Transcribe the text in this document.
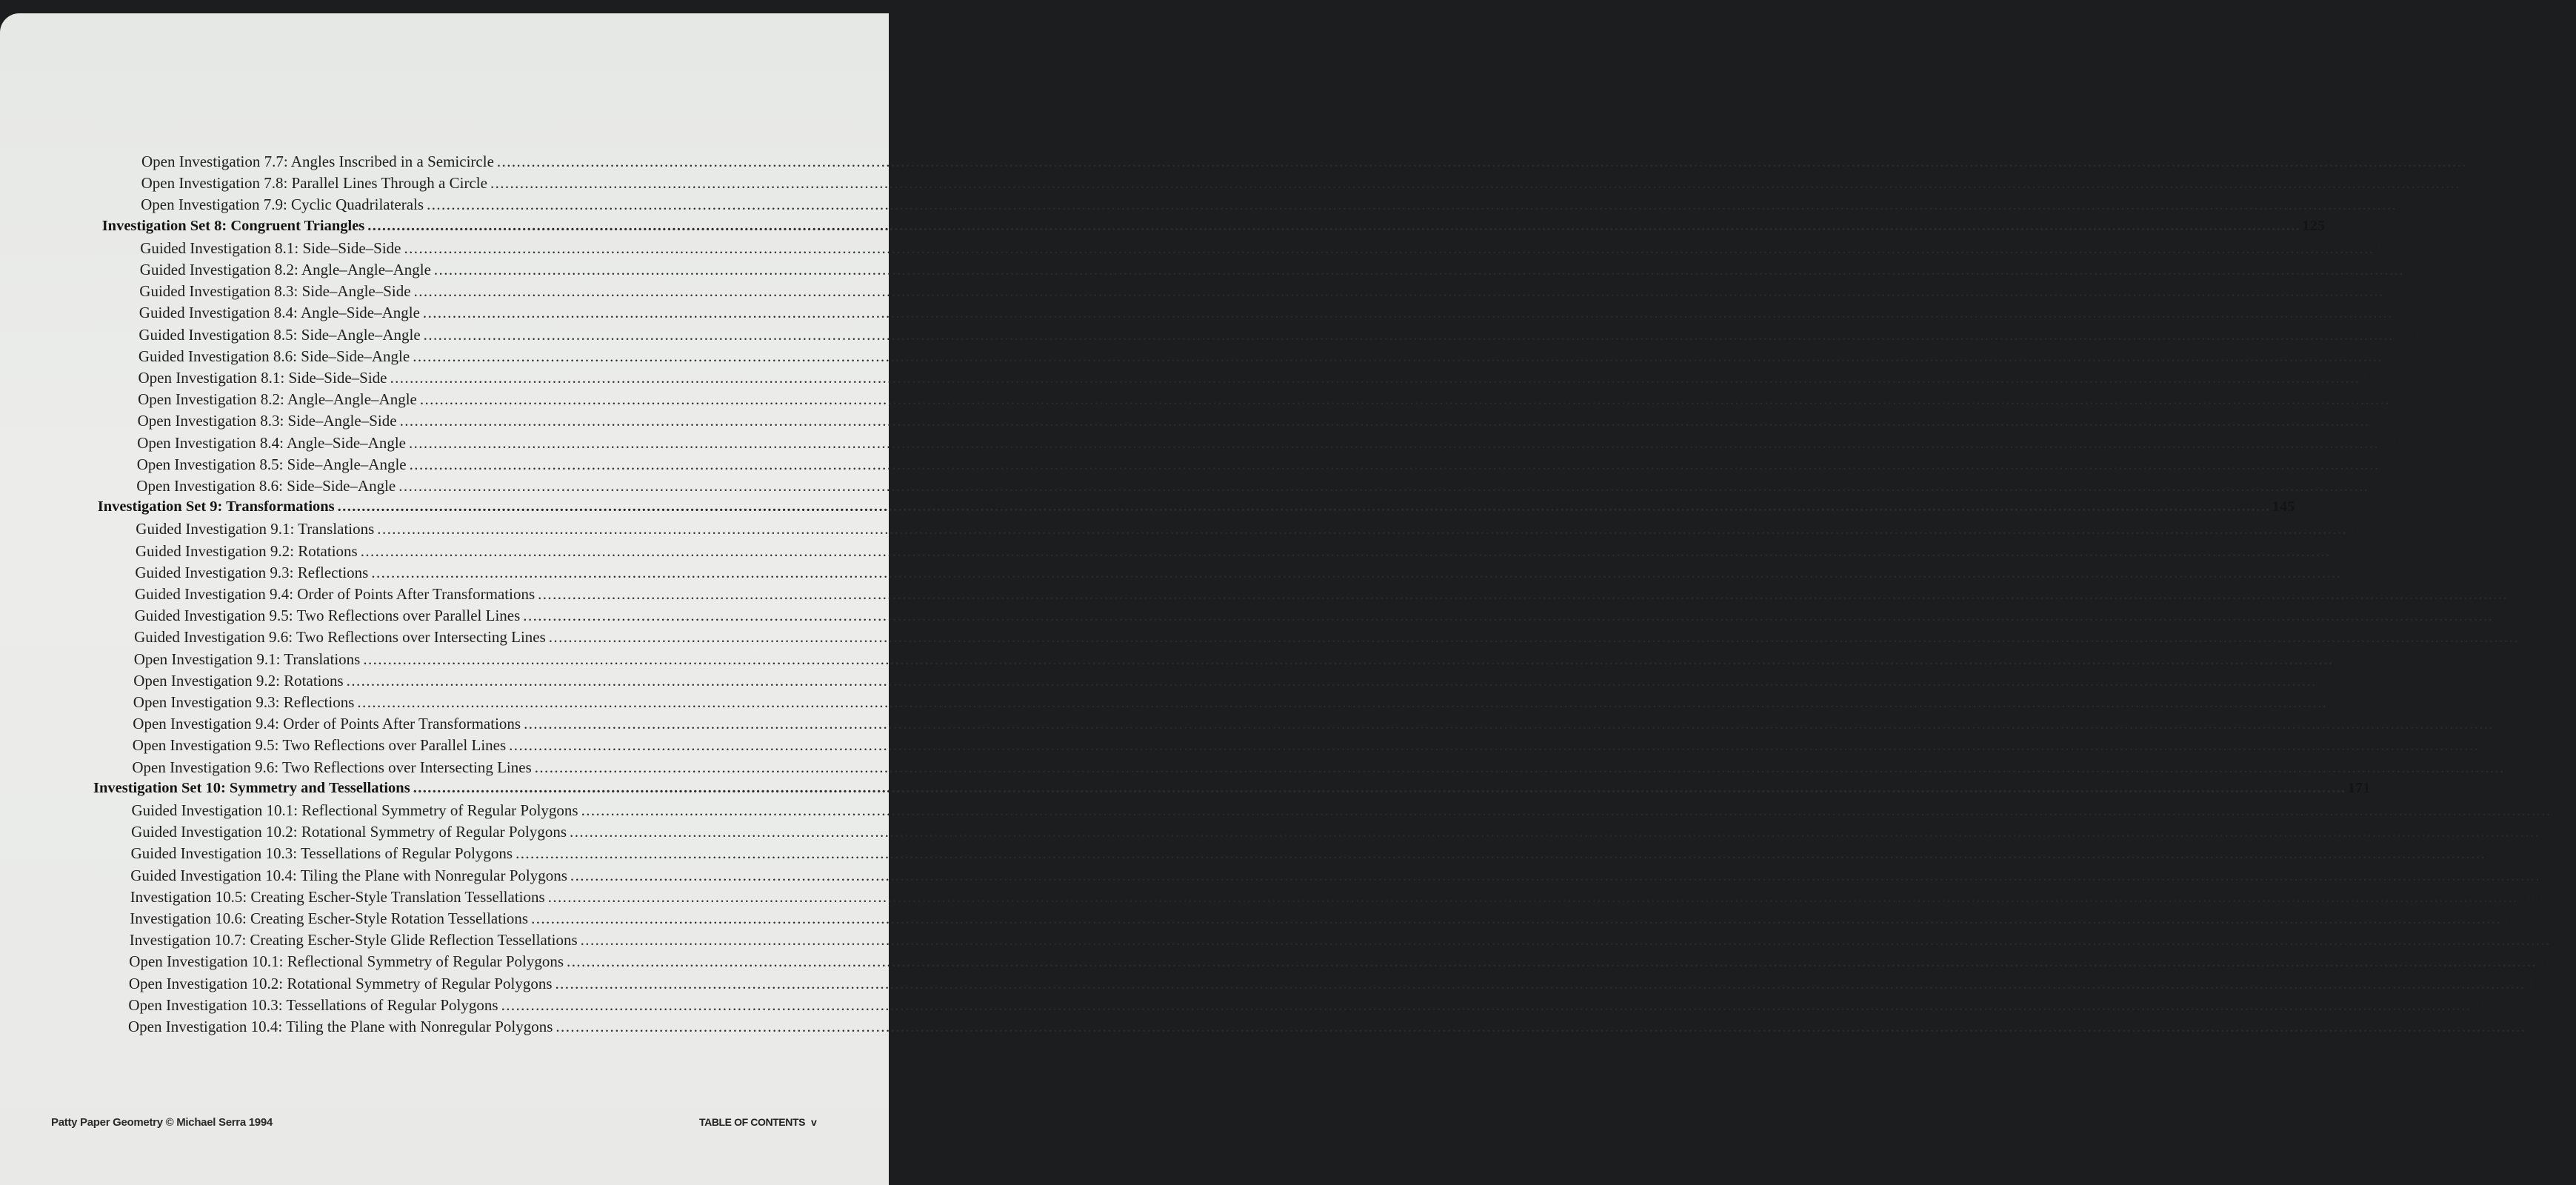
Open Investigation 7.7: Angles Inscribed in a Semicircle ................................................................................................................................................................................................................................................................................................................................................................................................................ 118
Open Investigation 7.8: Parallel Lines Through a Circle ................................................................................................................................................................................................................................................................................................................................................................................................................ 119
Open Investigation 7.9: Cyclic Quadrilaterals ................................................................................................................................................................................................................................................................................................................................................................................................................ 119
Investigation Set 8: Congruent Triangles ................................................................................................................................................................................................................................................................................................................................................................................................................ 125
Guided Investigation 8.1: Side–Side–Side ................................................................................................................................................................................................................................................................................................................................................................................................................ 126
Guided Investigation 8.2: Angle–Angle–Angle ................................................................................................................................................................................................................................................................................................................................................................................................................ 127
Guided Investigation 8.3: Side–Angle–Side ................................................................................................................................................................................................................................................................................................................................................................................................................ 128
Guided Investigation 8.4: Angle–Side–Angle ................................................................................................................................................................................................................................................................................................................................................................................................................ 129
Guided Investigation 8.5: Side–Angle–Angle ................................................................................................................................................................................................................................................................................................................................................................................................................ 130
Guided Investigation 8.6: Side–Side–Angle ................................................................................................................................................................................................................................................................................................................................................................................................................ 131
Open Investigation 8.1: Side–Side–Side ................................................................................................................................................................................................................................................................................................................................................................................................................ 132
Open Investigation 8.2: Angle–Angle–Angle ................................................................................................................................................................................................................................................................................................................................................................................................................ 133
Open Investigation 8.3: Side–Angle–Side ................................................................................................................................................................................................................................................................................................................................................................................................................ 134
Open Investigation 8.4: Angle–Side–Angle ................................................................................................................................................................................................................................................................................................................................................................................................................ 135
Open Investigation 8.5: Side–Angle–Angle ................................................................................................................................................................................................................................................................................................................................................................................................................ 136
Open Investigation 8.6: Side–Side–Angle ................................................................................................................................................................................................................................................................................................................................................................................................................ 137
Investigation Set 9: Transformations ................................................................................................................................................................................................................................................................................................................................................................................................................ 145
Guided Investigation 9.1: Translations ................................................................................................................................................................................................................................................................................................................................................................................................................ 146
Guided Investigation 9.2: Rotations ................................................................................................................................................................................................................................................................................................................................................................................................................ 148
Guided Investigation 9.3: Reflections ................................................................................................................................................................................................................................................................................................................................................................................................................ 150
Guided Investigation 9.4: Order of Points After Transformations ................................................................................................................................................................................................................................................................................................................................................................................................................ 152
Guided Investigation 9.5: Two Reflections over Parallel Lines ................................................................................................................................................................................................................................................................................................................................................................................................................ 153
Guided Investigation 9.6: Two Reflections over Intersecting Lines ................................................................................................................................................................................................................................................................................................................................................................................................................ 154
Open Investigation 9.1: Translations ................................................................................................................................................................................................................................................................................................................................................................................................................ 155
Open Investigation 9.2: Rotations ................................................................................................................................................................................................................................................................................................................................................................................................................ 156
Open Investigation 9.3: Reflections ................................................................................................................................................................................................................................................................................................................................................................................................................ 158
Open Investigation 9.4: Order of Points After Transformations ................................................................................................................................................................................................................................................................................................................................................................................................................ 159
Open Investigation 9.5: Two Reflections over Parallel Lines ................................................................................................................................................................................................................................................................................................................................................................................................................ 160
Open Investigation 9.6: Two Reflections over Intersecting Lines ................................................................................................................................................................................................................................................................................................................................................................................................................ 161
Investigation Set 10: Symmetry and Tessellations ................................................................................................................................................................................................................................................................................................................................................................................................................ 171
Guided Investigation 10.1: Reflectional Symmetry of Regular Polygons ................................................................................................................................................................................................................................................................................................................................................................................................................ 174
Guided Investigation 10.2: Rotational Symmetry of Regular Polygons ................................................................................................................................................................................................................................................................................................................................................................................................................ 175
Guided Investigation 10.3: Tessellations of Regular Polygons ................................................................................................................................................................................................................................................................................................................................................................................................................ 176
Guided Investigation 10.4: Tiling the Plane with Nonregular Polygons ................................................................................................................................................................................................................................................................................................................................................................................................................ 178
Investigation 10.5: Creating Escher-Style Translation Tessellations ................................................................................................................................................................................................................................................................................................................................................................................................................ 180
Investigation 10.6: Creating Escher-Style Rotation Tessellations ................................................................................................................................................................................................................................................................................................................................................................................................................ 183
Investigation 10.7: Creating Escher-Style Glide Reflection Tessellations ................................................................................................................................................................................................................................................................................................................................................................................................................ 185
Open Investigation 10.1: Reflectional Symmetry of Regular Polygons ................................................................................................................................................................................................................................................................................................................................................................................................................ 188
Open Investigation 10.2: Rotational Symmetry of Regular Polygons ................................................................................................................................................................................................................................................................................................................................................................................................................ 189
Open Investigation 10.3: Tessellations of Regular Polygons ................................................................................................................................................................................................................................................................................................................................................................................................................ 190
Open Investigation 10.4: Tiling the Plane with Nonregular Polygons ................................................................................................................................................................................................................................................................................................................................................................................................................ 191
Patty Paper Geometry © Michael Serra 1994	TABLE OF CONTENTS v
